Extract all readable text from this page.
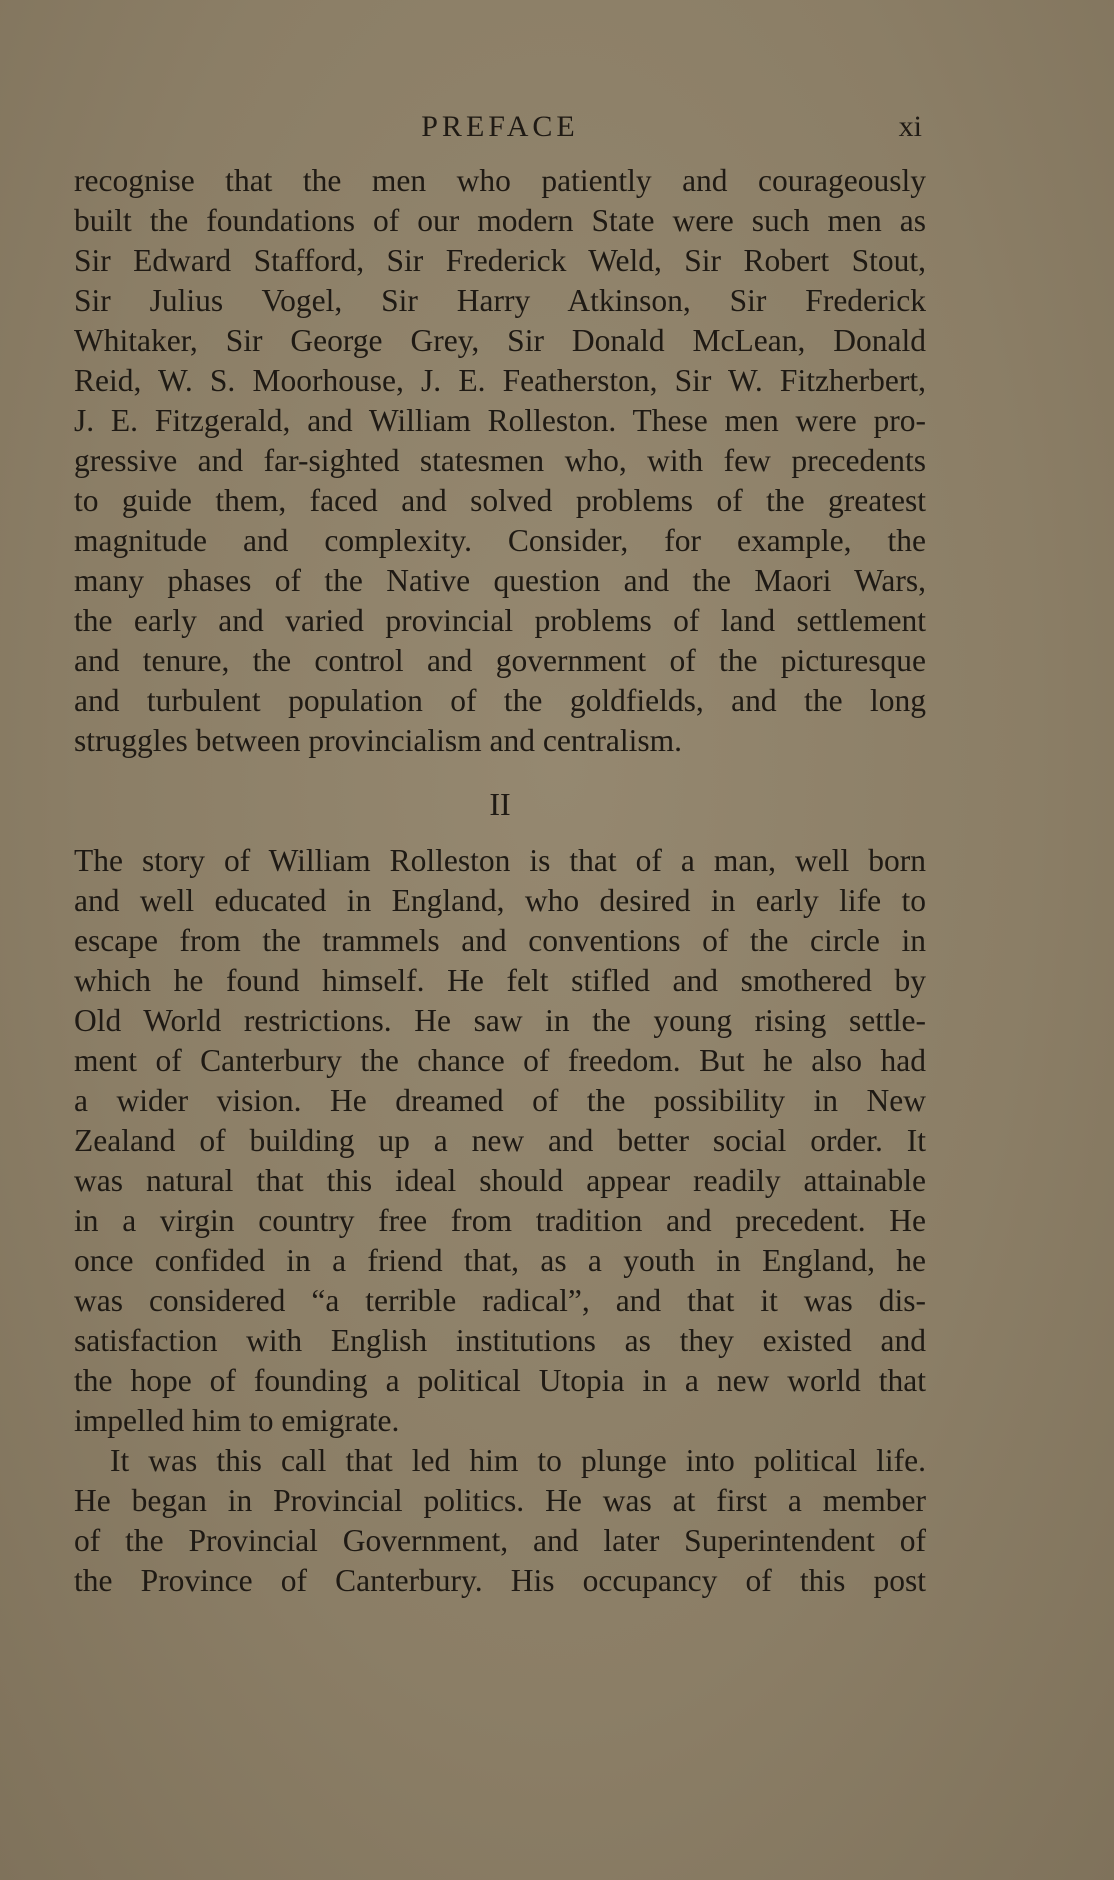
PREFACE	xi
recognise that the men who patiently and courageously
built the foundations of our modern State were such men as
Sir Edward Stafford, Sir Frederick Weld, Sir Robert Stout,
Sir Julius Vogel, Sir Harry Atkinson, Sir Frederick
Whitaker, Sir George Grey, Sir Donald McLean, Donald
Reid, W. S. Moorhouse, J. E. Featherston, Sir W. Fitzherbert,
J. E. Fitzgerald, and William Rolleston. These men were pro-
gressive and far-sighted statesmen who, with few precedents
to guide them, faced and solved problems of the greatest
magnitude and complexity. Consider, for example, the
many phases of the Native question and the Maori Wars,
the early and varied provincial problems of land settlement
and tenure, the control and government of the picturesque
and turbulent population of the goldfields, and the long
struggles between provincialism and centralism.
II
The story of William Rolleston is that of a man, well born
and well educated in England, who desired in early life to
escape from the trammels and conventions of the circle in
which he found himself. He felt stifled and smothered by
Old World restrictions. He saw in the young rising settle-
ment of Canterbury the chance of freedom. But he also had
a wider vision. He dreamed of the possibility in New
Zealand of building up a new and better social order. It
was natural that this ideal should appear readily attainable
in a virgin country free from tradition and precedent. He
once confided in a friend that, as a youth in England, he
was considered “a terrible radical”, and that it was dis-
satisfaction with English institutions as they existed and
the hope of founding a political Utopia in a new world that
impelled him to emigrate.
It was this call that led him to plunge into political life.
He began in Provincial politics. He was at first a member
of the Provincial Government, and later Superintendent of
the Province of Canterbury. His occupancy of this post
